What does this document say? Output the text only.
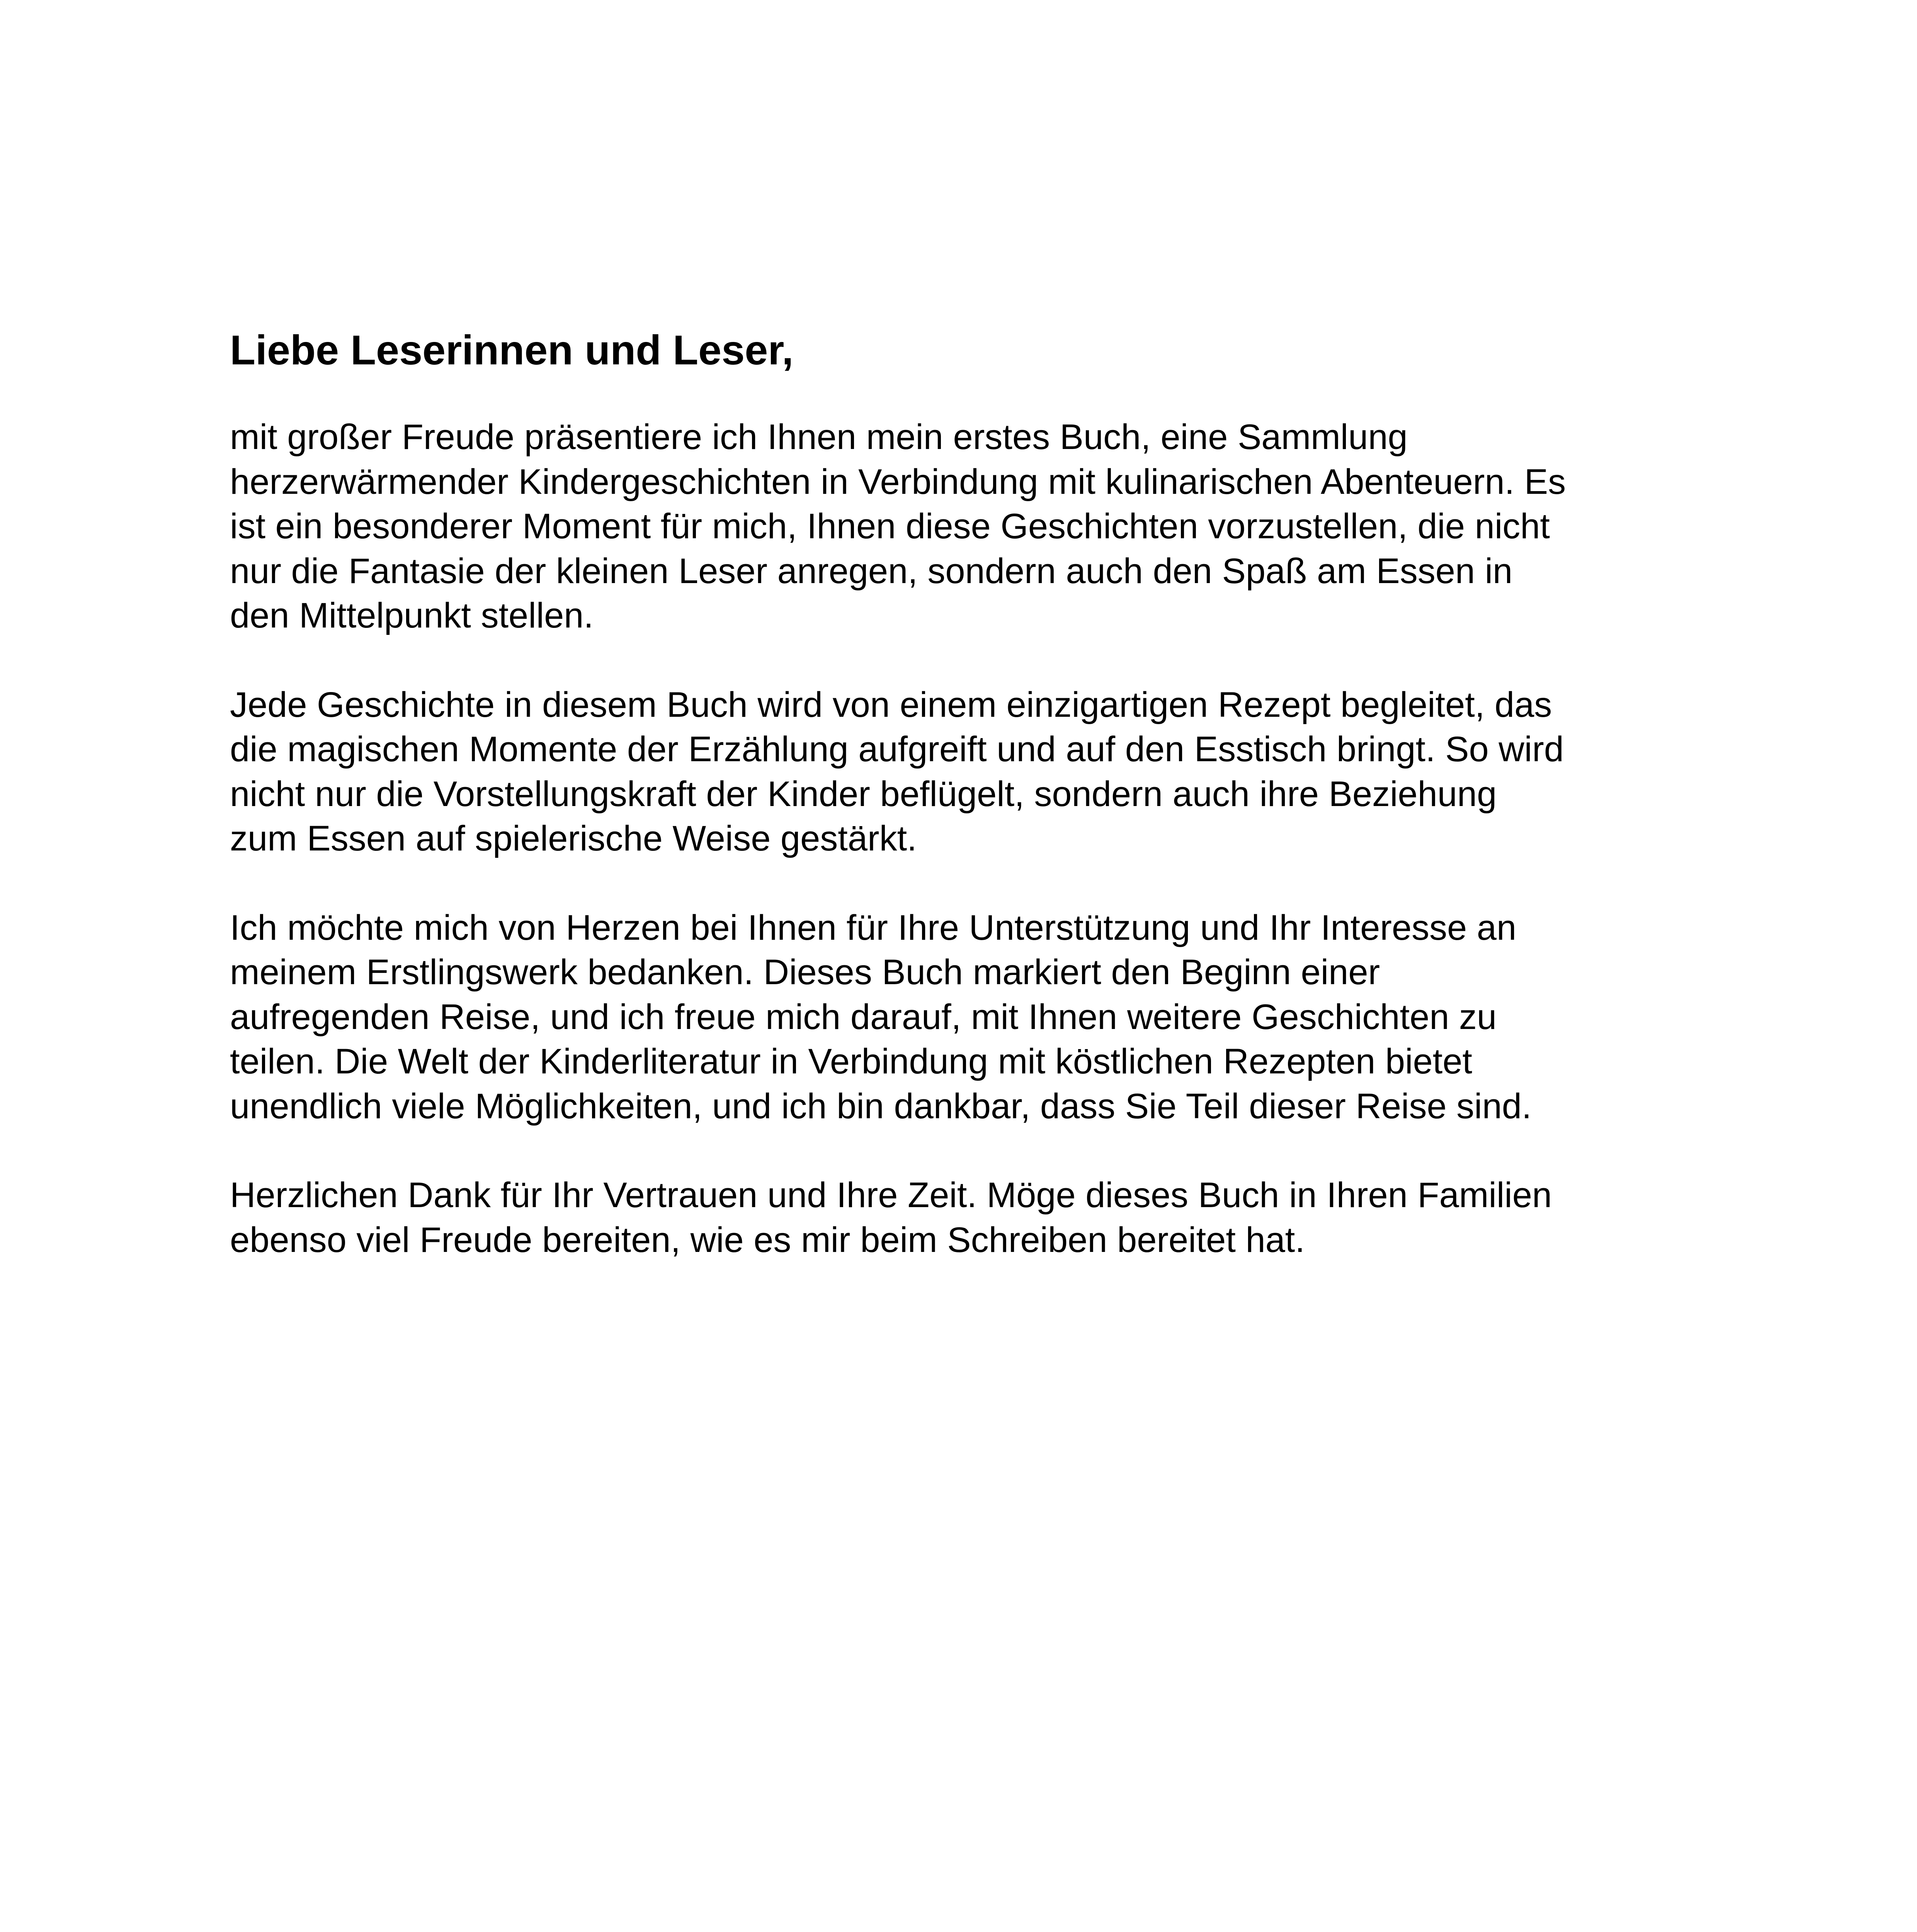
Liebe Leserinnen und Leser,
mit großer Freude präsentiere ich Ihnen mein erstes Buch, eine Sammlung
herzerwärmender Kindergeschichten in Verbindung mit kulinarischen Abenteuern. Es
ist ein besonderer Moment für mich, Ihnen diese Geschichten vorzustellen, die nicht
nur die Fantasie der kleinen Leser anregen, sondern auch den Spaß am Essen in
den Mittelpunkt stellen.
Jede Geschichte in diesem Buch wird von einem einzigartigen Rezept begleitet, das
die magischen Momente der Erzählung aufgreift und auf den Esstisch bringt. So wird
nicht nur die Vorstellungskraft der Kinder beflügelt, sondern auch ihre Beziehung
zum Essen auf spielerische Weise gestärkt.
Ich möchte mich von Herzen bei Ihnen für Ihre Unterstützung und Ihr Interesse an
meinem Erstlingswerk bedanken. Dieses Buch markiert den Beginn einer
aufregenden Reise, und ich freue mich darauf, mit Ihnen weitere Geschichten zu
teilen. Die Welt der Kinderliteratur in Verbindung mit köstlichen Rezepten bietet
unendlich viele Möglichkeiten, und ich bin dankbar, dass Sie Teil dieser Reise sind.
Herzlichen Dank für Ihr Vertrauen und Ihre Zeit. Möge dieses Buch in Ihren Familien
ebenso viel Freude bereiten, wie es mir beim Schreiben bereitet hat.
